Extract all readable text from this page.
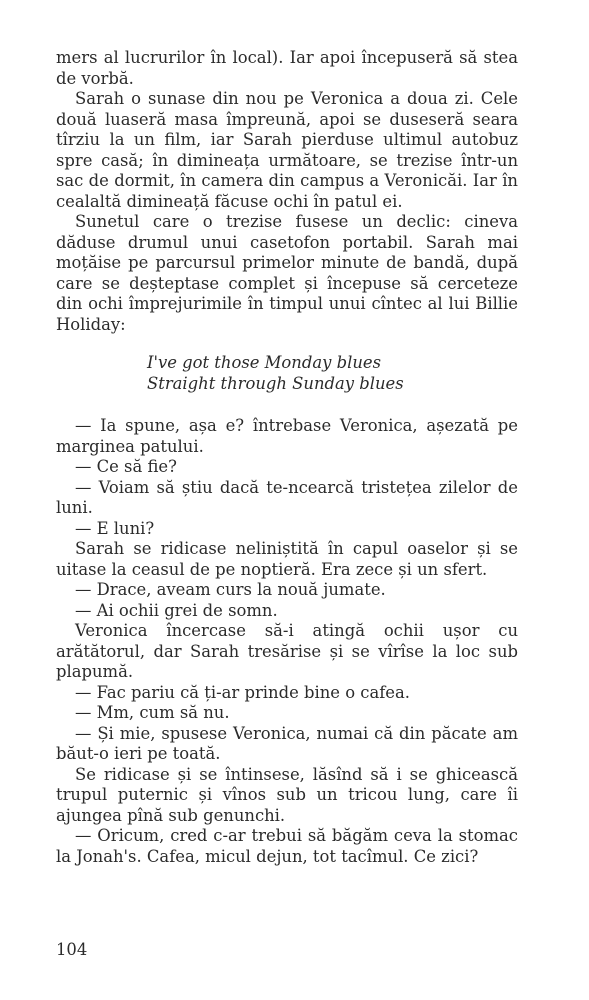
mers al lucrurilor în local). Iar apoi începuseră să stea de vorbă.

Sarah o sunase din nou pe Veronica a doua zi. Cele două luaseră masa împreună, apoi se duseseră seara tîrziu la un film, iar Sarah pierduse ultimul autobuz spre casă; în dimineața următoare, se trezise într-un sac de dormit, în camera din campus a Veronicăi. Iar în cealaltă dimineață făcuse ochi în patul ei.

Sunetul care o trezise fusese un declic: cineva dăduse drumul unui casetofon portabil. Sarah mai moțăise pe parcursul primelor minute de bandă, după care se deșteptase complet și începuse să cerceteze din ochi împrejurimile în timpul unui cîntec al lui Billie Holiday:

I've got those Monday blues
Straight through Sunday blues

— Ia spune, așa e? întrebase Veronica, așezată pe marginea patului.

— Ce să fie?

— Voiam să știu dacă te-ncearcă tristețea zilelor de luni.

— E luni?

Sarah se ridicase neliniștită în capul oaselor și se uitase la ceasul de pe noptieră. Era zece și un sfert.

— Drace, aveam curs la nouă jumate.

— Ai ochii grei de somn.

Veronica încercase să-i atingă ochii ușor cu arătătorul, dar Sarah tresărise și se vîrîse la loc sub plapumă.

— Fac pariu că ți-ar prinde bine o cafea.

— Mm, cum să nu.

— Și mie, spusese Veronica, numai că din păcate am băut-o ieri pe toată.

Se ridicase și se întinsese, lăsînd să i se ghicească trupul puternic și vînos sub un tricou lung, care îi ajungea pînă sub genunchi.

— Oricum, cred c-ar trebui să băgăm ceva la stomac la Jonah's. Cafea, micul dejun, tot tacîmul. Ce zici?

104
